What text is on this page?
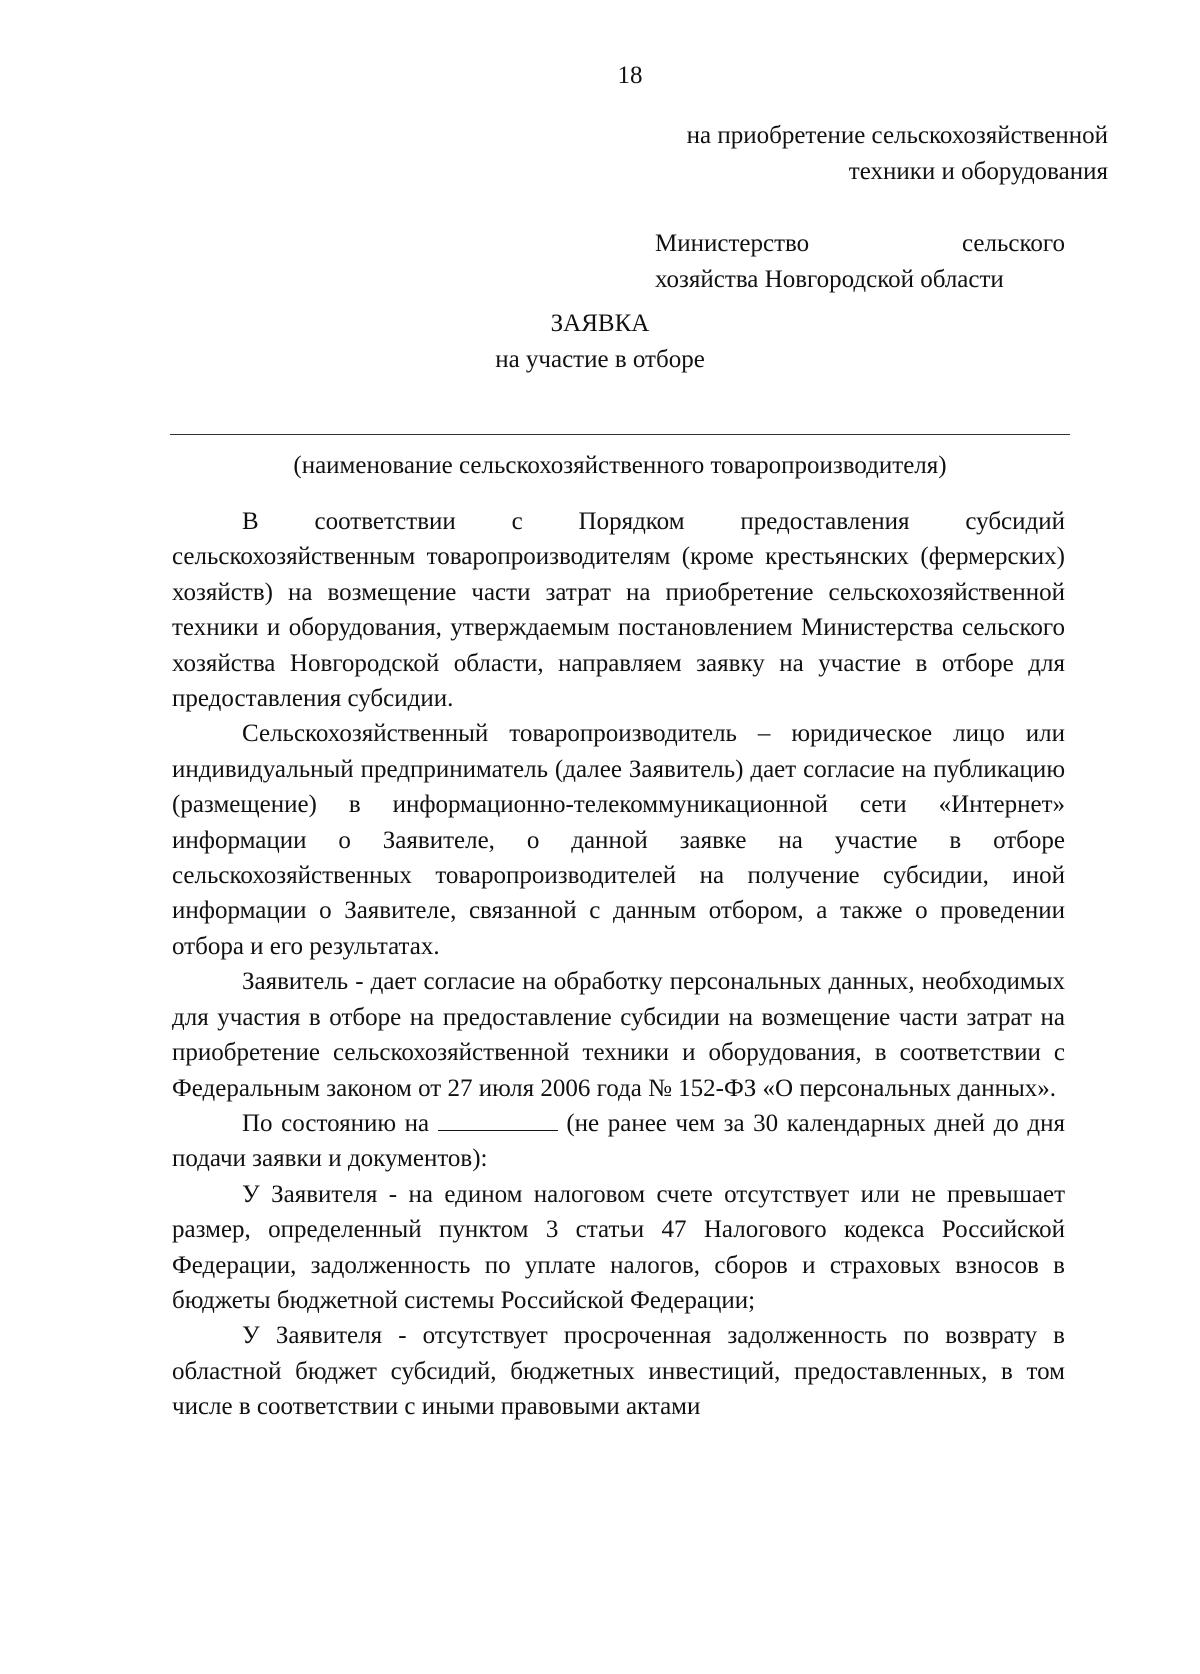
18
на приобретение сельскохозяйственной
техники и оборудования
Министерство	сельского
хозяйства Новгородской области
ЗАЯВКА
на участие в отборе
(наименование сельскохозяйственного товаропроизводителя)

В соответствии с Порядком предоставления субсидий сельскохозяйственным товаропроизводителям (кроме крестьянских (фермерских) хозяйств) на возмещение части затрат на приобретение сельскохозяйственной техники и оборудования, утверждаемым постановлением Министерства сельского хозяйства Новгородской области, направляем заявку на участие в отборе для предоставления субсидии.

Сельскохозяйственный товаропроизводитель – юридическое лицо или индивидуальный предприниматель (далее Заявитель) дает согласие на публикацию (размещение) в информационно-телекоммуникационной сети «Интернет» информации о Заявителе, о данной заявке на участие в отборе сельскохозяйственных товаропроизводителей на получение субсидии, иной информации о Заявителе, связанной с данным отбором, а также о проведении отбора и его результатах.

Заявитель - дает согласие на обработку персональных данных, необходимых для участия в отборе на предоставление субсидии на возмещение части затрат на приобретение сельскохозяйственной техники и оборудования, в соответствии с Федеральным законом от 27 июля 2006 года № 152-ФЗ «О персональных данных».

По состоянию на	(не ранее чем за 30 календарных дней до дня подачи заявки и документов):

У Заявителя - на едином налоговом счете отсутствует или не превышает размер, определенный пунктом 3 статьи 47 Налогового кодекса Российской Федерации, задолженность по уплате налогов, сборов и страховых взносов в бюджеты бюджетной системы Российской Федерации;

У Заявителя - отсутствует просроченная задолженность по возврату в областной бюджет субсидий, бюджетных инвестиций, предоставленных, в том числе в соответствии с иными правовыми актами
